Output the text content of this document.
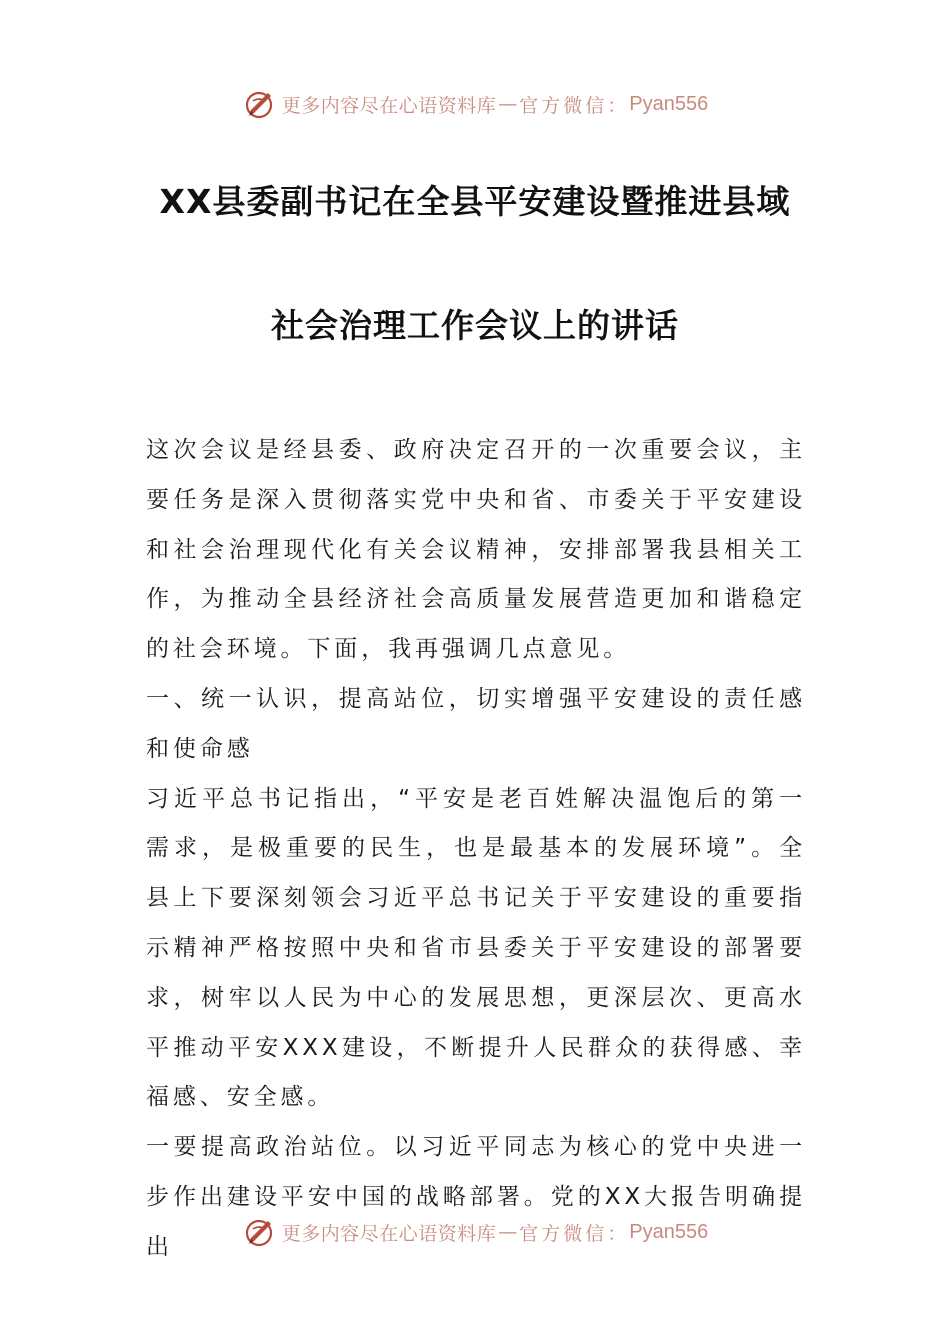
更多内容尽在心语资料库 — 官方微信： Pyan556
XX县委副书记在全县平安建设暨推进县域
社会治理工作会议上的讲话

这次会议是经县委、政府决定召开的一次重要会议，主要任务是深入贯彻落实党中央和省、市委关于平安建设和社会治理现代化有关会议精神，安排部署我县相关工作，为推动全县经济社会高质量发展营造更加和谐稳定的社会环境。下面，我再强调几点意见。

一、统一认识，提高站位，切实增强平安建设的责任感和使命感

习近平总书记指出，“平安是老百姓解决温饱后的第一需求，是极重要的民生，也是最基本的发展环境”。全县上下要深刻领会习近平总书记关于平安建设的重要指示精神严格按照中央和省市县委关于平安建设的部署要求，树牢以人民为中心的发展思想，更深层次、更高水平推动平安XXX建设，不断提升人民群众的获得感、幸福感、安全感。

一要提高政治站位。以习近平同志为核心的党中央进一步作出建设平安中国的战略部署。党的XX大报告明确提出

更多内容尽在心语资料库 — 官方微信： Pyan556
